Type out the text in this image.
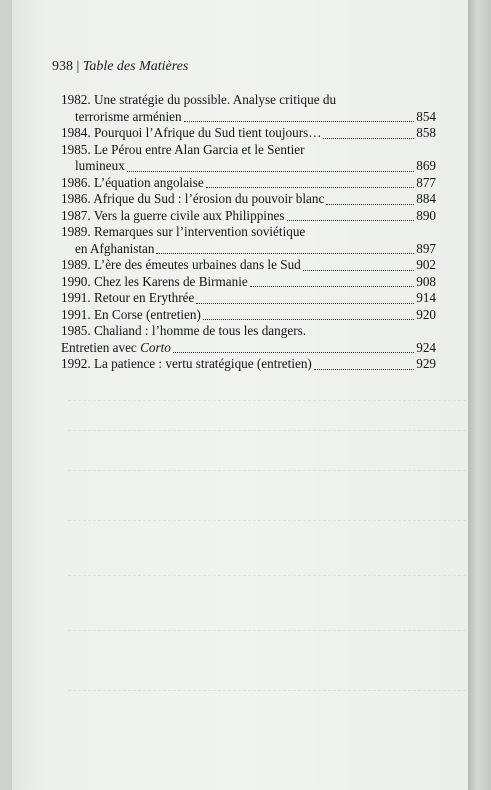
938 | Table des Matières
1982. Une stratégie du possible. Analyse critique du
terrorisme arménien	854
1984. Pourquoi l’Afrique du Sud tient toujours…	858
1985. Le Pérou entre Alan Garcia et le Sentier
lumineux	869
1986. L’équation angolaise	877
1986. Afrique du Sud : l’érosion du pouvoir blanc	884
1987. Vers la guerre civile aux Philippines	890
1989. Remarques sur l’intervention soviétique
en Afghanistan	897
1989. L’ère des émeutes urbaines dans le Sud	902
1990. Chez les Karens de Birmanie	908
1991. Retour en Erythrée	914
1991. En Corse (entretien)	920
1985. Chaliand : l’homme de tous les dangers.
Entretien avec
Corto	924
1992. La patience : vertu stratégique (entretien)	929
